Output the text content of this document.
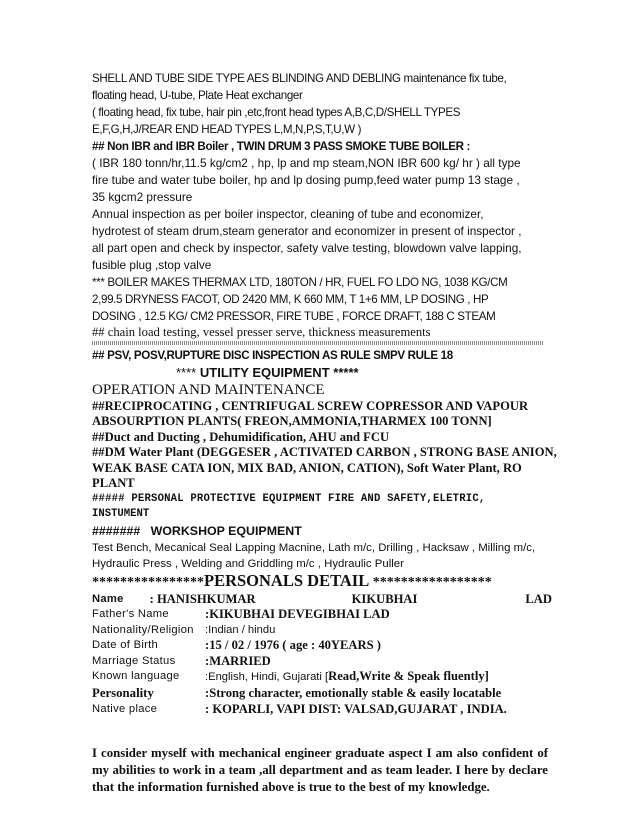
SHELL AND TUBE SIDE TYPE AES BLINDING AND DEBLING maintenance fix tube,

floating head, U-tube, Plate Heat exchanger

( floating head, fix tube, hair pin ,etc,front head types A,B,C,D/SHELL TYPES

E,F,G,H,J/REAR END HEAD TYPES L,M,N,P,S,T,U,W )

## Non IBR and IBR Boiler , TWIN DRUM 3 PASS SMOKE TUBE BOILER :

( IBR 180 tonn/hr,11.5 kg/cm2 , hp, lp and mp steam,NON IBR 600 kg/ hr ) all type

fire tube and water tube boiler, hp and lp dosing pump,feed water pump 13 stage ,

35 kgcm2 pressure

Annual inspection as per boiler inspector, cleaning of tube and economizer,

hydrotest of steam drum,steam generator and economizer in present of inspector ,

all part open and check by inspector, safety valve testing, blowdown valve lapping,

fusible plug ,stop valve

*** BOILER MAKES THERMAX LTD, 180TON / HR, FUEL FO LDO NG, 1038 KG/CM

2,99.5 DRYNESS FACOT, OD 2420 MM, K 660 MM, T 1+6 MM, LP DOSING , HP

DOSING , 12.5 KG/ CM2 PRESSOR, FIRE TUBE , FORCE DRAFT, 188 C STEAM

## chain load testing, vessel presser serve, thickness measurements

## PSV, POSV,RUPTURE DISC INSPECTION AS RULE SMPV RULE 18

**** UTILITY EQUIPMENT *****

OPERATION AND MAINTENANCE

##RECIPROCATING , CENTRIFUGAL SCREW COPRESSOR AND VAPOUR

ABSOURPTION PLANTS( FREON,AMMONIA,THARMEX 100 TONN]

##Duct and Ducting , Dehumidification, AHU and FCU

##DM Water Plant (DEGGESER , ACTIVATED CARBON , STRONG BASE ANION,

WEAK BASE CATA ION, MIX BAD, ANION, CATION), Soft Water Plant, RO

PLANT

##### PERSONAL PROTECTIVE EQUIPMENT FIRE AND SAFETY,ELETRIC,

INSTUMENT

####### WORKSHOP EQUIPMENT

Test Bench, Mecanical Seal Lapping Macnine, Lath m/c, Drilling , Hacksaw , Milling m/c,

Hydraulic Press , Welding and Griddling m/c , Hydraulic Puller

****************PERSONALS DETAIL *****************

Name	: HANISHKUMAR	KIKUBHAI	LAD
Father's Name	:KIKUBHAI DEVEGIBHAI LAD
Nationality/Religion	:Indian / hindu
Date of Birth	:15 / 02 / 1976 ( age : 40YEARS )
Marriage Status	:MARRIED
Known language	:English, Hindi, Gujarati [Read,Write & Speak fluently]
Personality	:Strong character, emotionally stable & easily locatable
Native place	: KOPARLI, VAPI DIST: VALSAD,GUJARAT , INDIA.
I consider myself with mechanical engineer graduate aspect I am also confident of
my abilities to work in a team ,all department and as team leader. I here by declare
that the information furnished above is true to the best of my knowledge.
